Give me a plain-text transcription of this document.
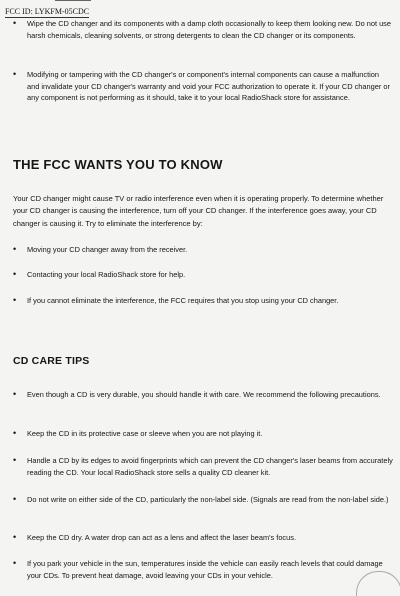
FCC ID: LYKFM-05CDC
•	Wipe the CD changer and its components with a damp cloth occasionally to keep them looking new. Do not use harsh chemicals, cleaning solvents, or strong detergents to clean the CD changer or its components.
•	Modifying or tampering with the CD changer's or component's internal components can cause a malfunction and invalidate your CD changer's warranty and void your FCC authorization to operate it. If your CD changer or any component is not performing as it should, take it to your local RadioShack store for assistance.
THE FCC WANTS YOU TO KNOW
Your CD changer might cause TV or radio interference even when it is operating properly. To determine whether your CD changer is causing the interference, turn off your CD changer. If the interference goes away, your CD changer is causing it. Try to eliminate the interference by:
•	Moving your CD changer away from the receiver.
•	Contacting your local RadioShack store for help.
•	If you cannot eliminate the interference, the FCC requires that you stop using your CD changer.
CD CARE TIPS
•	Even though a CD is very durable, you should handle it with care. We recommend the following precautions.
•	Keep the CD in its protective case or sleeve when you are not playing it.
•	Handle a CD by its edges to avoid fingerprints which can prevent the CD changer's laser beams from accurately reading the CD. Your local RadioShack store sells a quality CD cleaner kit.
•	Do not write on either side of the CD, particularly the non-label side. (Signals are read from the non-label side.)
•	Keep the CD dry. A water drop can act as a lens and affect the laser beam's focus.
•	If you park your vehicle in the sun, temperatures inside the vehicle can easily reach levels that could damage your CDs. To prevent heat damage, avoid leaving your CDs in your vehicle.
